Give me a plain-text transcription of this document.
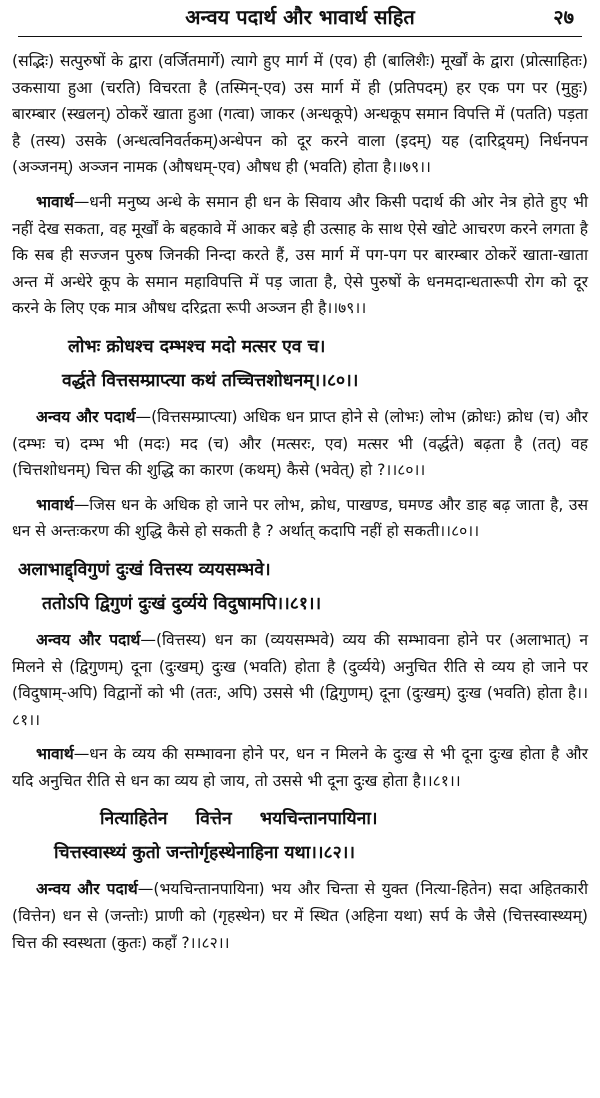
अन्वय पदार्थ और भावार्थ सहित	२७

(सद्भिः) सत्पुरुषों के द्वारा (वर्जितमार्गे) त्यागे हुए मार्ग में (एव) ही (बालिशैः) मूर्खों के द्वारा (प्रोत्साहितः) उकसाया हुआ (चरति) विचरता है (तस्मिन्-एव) उस मार्ग में ही (प्रतिपदम्) हर एक पग पर (मुहुः) बारम्बार (स्खलन्) ठोकरें खाता हुआ (गत्वा) जाकर (अन्धकूपे) अन्धकूप समान विपत्ति में (पतति) पड़ता है (तस्य) उसके (अन्धत्वनिवर्तकम्)अन्धेपन को दूर करने वाला (इदम्) यह (दारिद्र्यम्) निर्धनपन (अञ्जनम्) अञ्जन नामक (औषधम्-एव) औषध ही (भवति) होता है।।७९।।

भावार्थ—धनी मनुष्य अन्धे के समान ही धन के सिवाय और किसी पदार्थ की ओर नेत्र होते हुए भी नहीं देख सकता, वह मूर्खों के बहकावे में आकर बड़े ही उत्साह के साथ ऐसे खोटे आचरण करने लगता है कि सब ही सज्जन पुरुष जिनकी निन्दा करते हैं, उस मार्ग में पग-पग पर बारम्बार ठोकरें खाता-खाता अन्त में अन्धेरे कूप के समान महाविपत्ति में पड़ जाता है, ऐसे पुरुषों के धनमदान्धतारूपी रोग को दूर करने के लिए एक मात्र औषध दरिद्रता रूपी अञ्जन ही है।।७९।।

लोभः क्रोधश्च दम्भश्च मदो मत्सर एव च।
वर्द्धते वित्तसम्प्राप्त्या कथं तच्चित्तशोधनम्।।८०।।

अन्वय और पदार्थ—(वित्तसम्प्राप्त्या) अधिक धन प्राप्त होने से (लोभः) लोभ (क्रोधः) क्रोध (च) और (दम्भः च) दम्भ भी (मदः) मद (च) और (मत्सरः, एव) मत्सर भी (वर्द्धते) बढ़ता है (तत्) वह (चित्तशोधनम्) चित्त की शुद्धि का कारण (कथम्) कैसे (भवेत्) हो ?।।८०।।

भावार्थ—जिस धन के अधिक हो जाने पर लोभ, क्रोध, पाखण्ड, घमण्ड और डाह बढ़ जाता है, उस धन से अन्तःकरण की शुद्धि कैसे हो सकती है ? अर्थात् कदापि नहीं हो सकती।।८०।।

अलाभाद्द्विगुणं दुःखं वित्तस्य व्ययसम्भवे।
ततोऽपि द्विगुणं दुःखं दुर्व्यये विदुषामपि।।८१।।

अन्वय और पदार्थ—(वित्तस्य) धन का (व्ययसम्भवे) व्यय की सम्भावना होने पर (अलाभात्) न मिलने से (द्विगुणम्) दूना (दुःखम्) दुःख (भवति) होता है (दुर्व्यये) अनुचित रीति से व्यय हो जाने पर (विदुषाम्-अपि) विद्वानों को भी (ततः, अपि) उससे भी (द्विगुणम्) दूना (दुःखम्) दुःख (भवति) होता है।।८१।।

भावार्थ—धन के व्यय की सम्भावना होने पर, धन न मिलने के दुःख से भी दूना दुःख होता है और यदि अनुचित रीति से धन का व्यय हो जाय, तो उससे भी दूना दुःख होता है।।८१।।

नित्याहितेन वित्तेन भयचिन्तानपायिना।
चित्तस्वास्थ्यं कुतो जन्तोर्गृहस्थेनाहिना यथा।।८२।।

अन्वय और पदार्थ—(भयचिन्तानपायिना) भय और चिन्ता से युक्त (नित्या-हितेन) सदा अहितकारी (वित्तेन) धन से (जन्तोः) प्राणी को (गृहस्थेन) घर में स्थित (अहिना यथा) सर्प के जैसे (चित्तस्वास्थ्यम्) चित्त की स्वस्थता (कुतः) कहाँ ?।।८२।।
